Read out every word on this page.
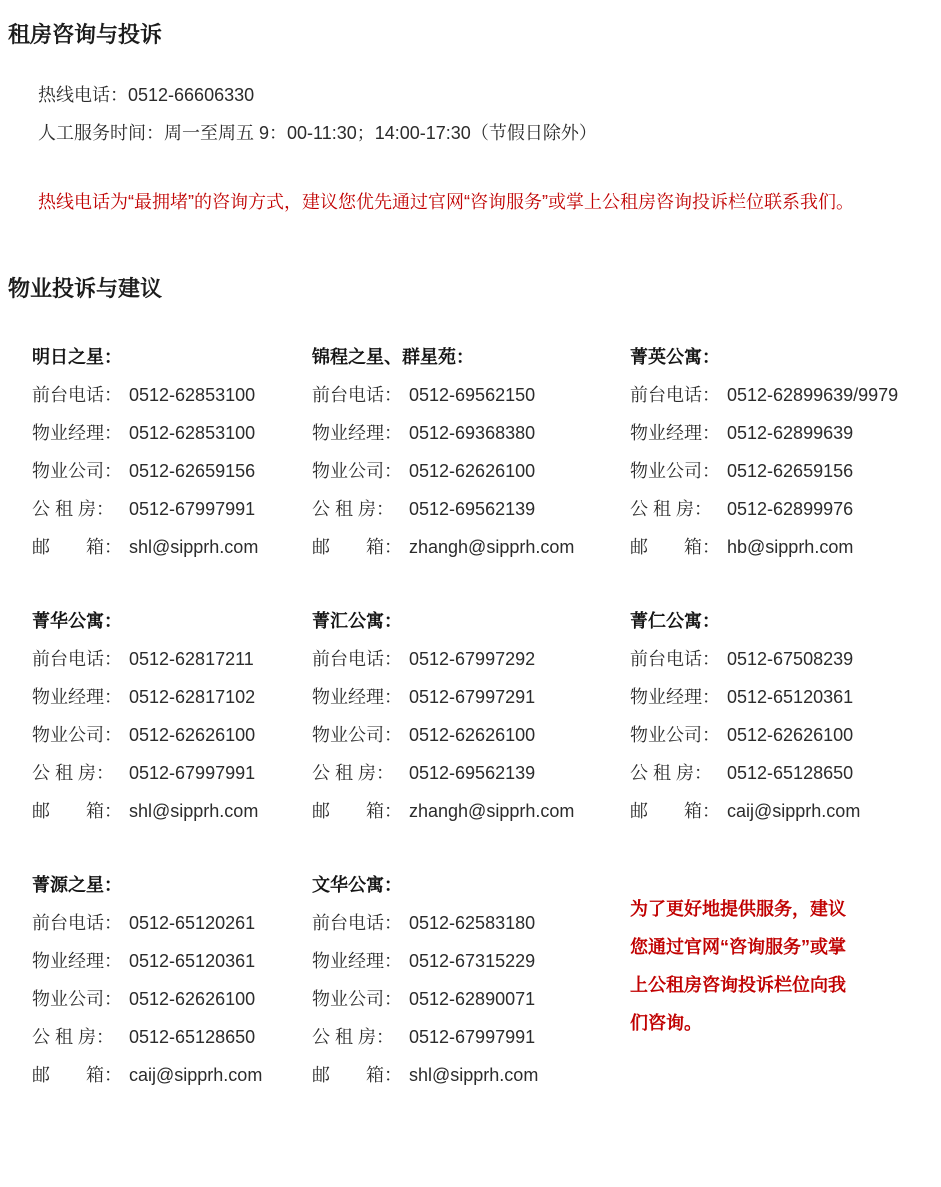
租房咨询与投诉

热线电话：0512-66606330

人工服务时间：周一至周五 9：00-11:30；14:00-17:30（节假日除外）

热线电话为“最拥堵”的咨询方式，建议您优先通过官网“咨询服务”或掌上公租房咨询投诉栏位联系我们。

物业投诉与建议
明日之星：
前台电话： 0512-62853100
物业经理： 0512-62853100
物业公司： 0512-62659156
公 租 房： 0512-67997991
邮　　箱： shl@sipprh.com
锦程之星、群星苑：
前台电话： 0512-69562150
物业经理： 0512-69368380
物业公司： 0512-62626100
公 租 房： 0512-69562139
邮　　箱： zhangh@sipprh.com
菁英公寓：
前台电话： 0512-62899639/9979
物业经理： 0512-62899639
物业公司： 0512-62659156
公 租 房： 0512-62899976
邮　　箱： hb@sipprh.com
菁华公寓：
前台电话： 0512-62817211
物业经理： 0512-62817102
物业公司： 0512-62626100
公 租 房： 0512-67997991
邮　　箱： shl@sipprh.com
菁汇公寓：
前台电话： 0512-67997292
物业经理： 0512-67997291
物业公司： 0512-62626100
公 租 房： 0512-69562139
邮　　箱： zhangh@sipprh.com
菁仁公寓：
前台电话： 0512-67508239
物业经理： 0512-65120361
物业公司： 0512-62626100
公 租 房： 0512-65128650
邮　　箱： caij@sipprh.com
菁源之星：
前台电话： 0512-65120261
物业经理： 0512-65120361
物业公司： 0512-62626100
公 租 房： 0512-65128650
邮　　箱： caij@sipprh.com
文华公寓：
前台电话： 0512-62583180
物业经理： 0512-67315229
物业公司： 0512-62890071
公 租 房： 0512-67997991
邮　　箱： shl@sipprh.com
为了更好地提供服务，建议您通过官网“咨询服务”或掌上公租房咨询投诉栏位向我们咨询。
